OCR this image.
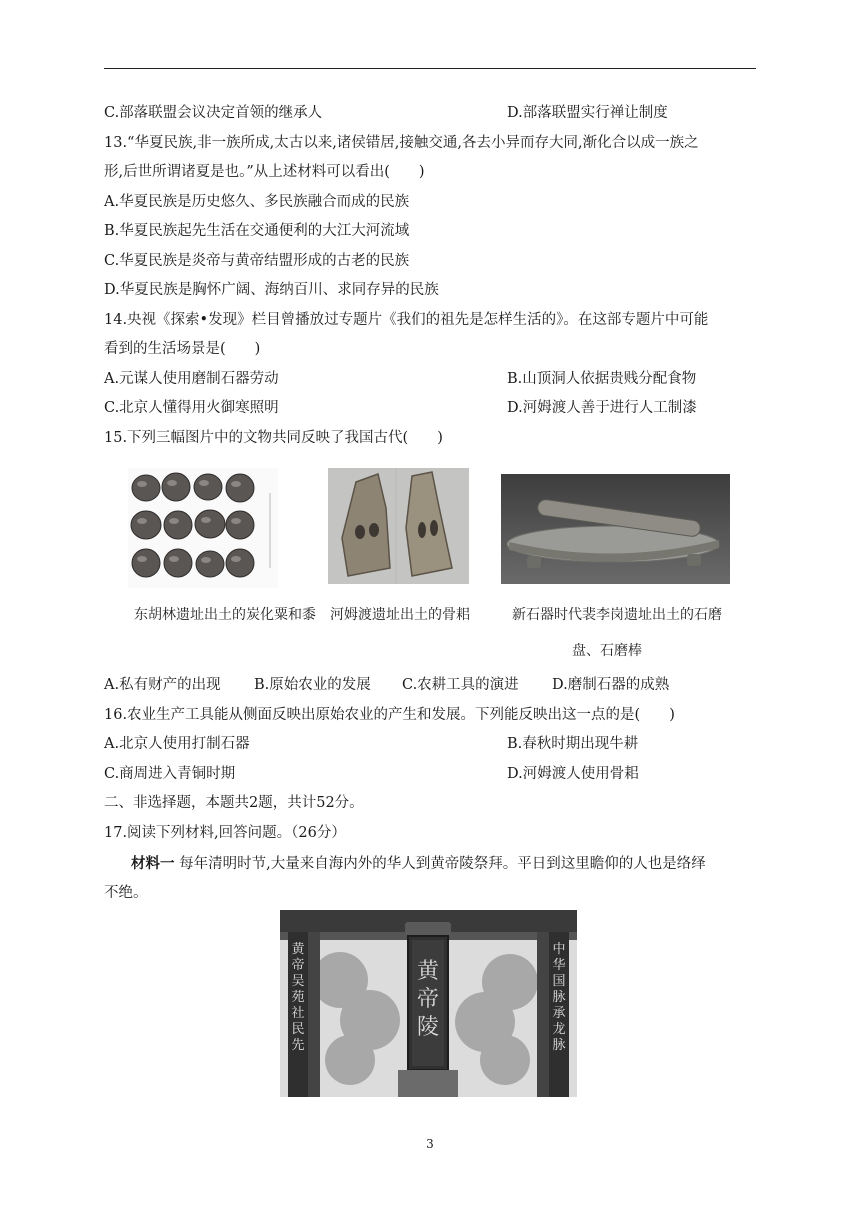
C.部落联盟会议决定首领的继承人	D.部落联盟实行禅让制度
13.“华夏民族,非一族所成,太古以来,诸侯错居,接触交通,各去小异而存大同,渐化合以成一族之
形,后世所谓诸夏是也。”从上述材料可以看出(　　)
A.华夏民族是历史悠久、多民族融合而成的民族
B.华夏民族起先生活在交通便利的大江大河流域
C.华夏民族是炎帝与黄帝结盟形成的古老的民族
D.华夏民族是胸怀广阔、海纳百川、求同存异的民族
14.央视《探索•发现》栏目曾播放过专题片《我们的祖先是怎样生活的》。在这部专题片中可能
看到的生活场景是(　　)
A.元谋人使用磨制石器劳动	B.山顶洞人依据贵贱分配食物
C.北京人懂得用火御寒照明	D.河姆渡人善于进行人工制漆
15.下列三幅图片中的文物共同反映了我国古代(　　)
东胡林遗址出土的炭化粟和黍 河姆渡遗址出土的骨耜	新石器时代裴李岗遗址出土的石磨
盘、石磨棒
A.私有财产的出现 B.原始农业的发展 C.农耕工具的演进 D.磨制石器的成熟
16.农业生产工具能从侧面反映出原始农业的产生和发展。下列能反映出这一点的是(　　)
A.北京人使用打制石器	B.春秋时期出现牛耕
C.商周进入青铜时期	D.河姆渡人使用骨耜
二、非选择题，本题共2题，共计52分。
17.阅读下列材料,回答问题。（26分）
材料一 每年清明时节,大量来自海内外的华人到黄帝陵祭拜。平日到这里瞻仰的人也是络绎
不绝。
黄帝陵
黄帝吴苑社民先
中华国脉承龙脉
3
